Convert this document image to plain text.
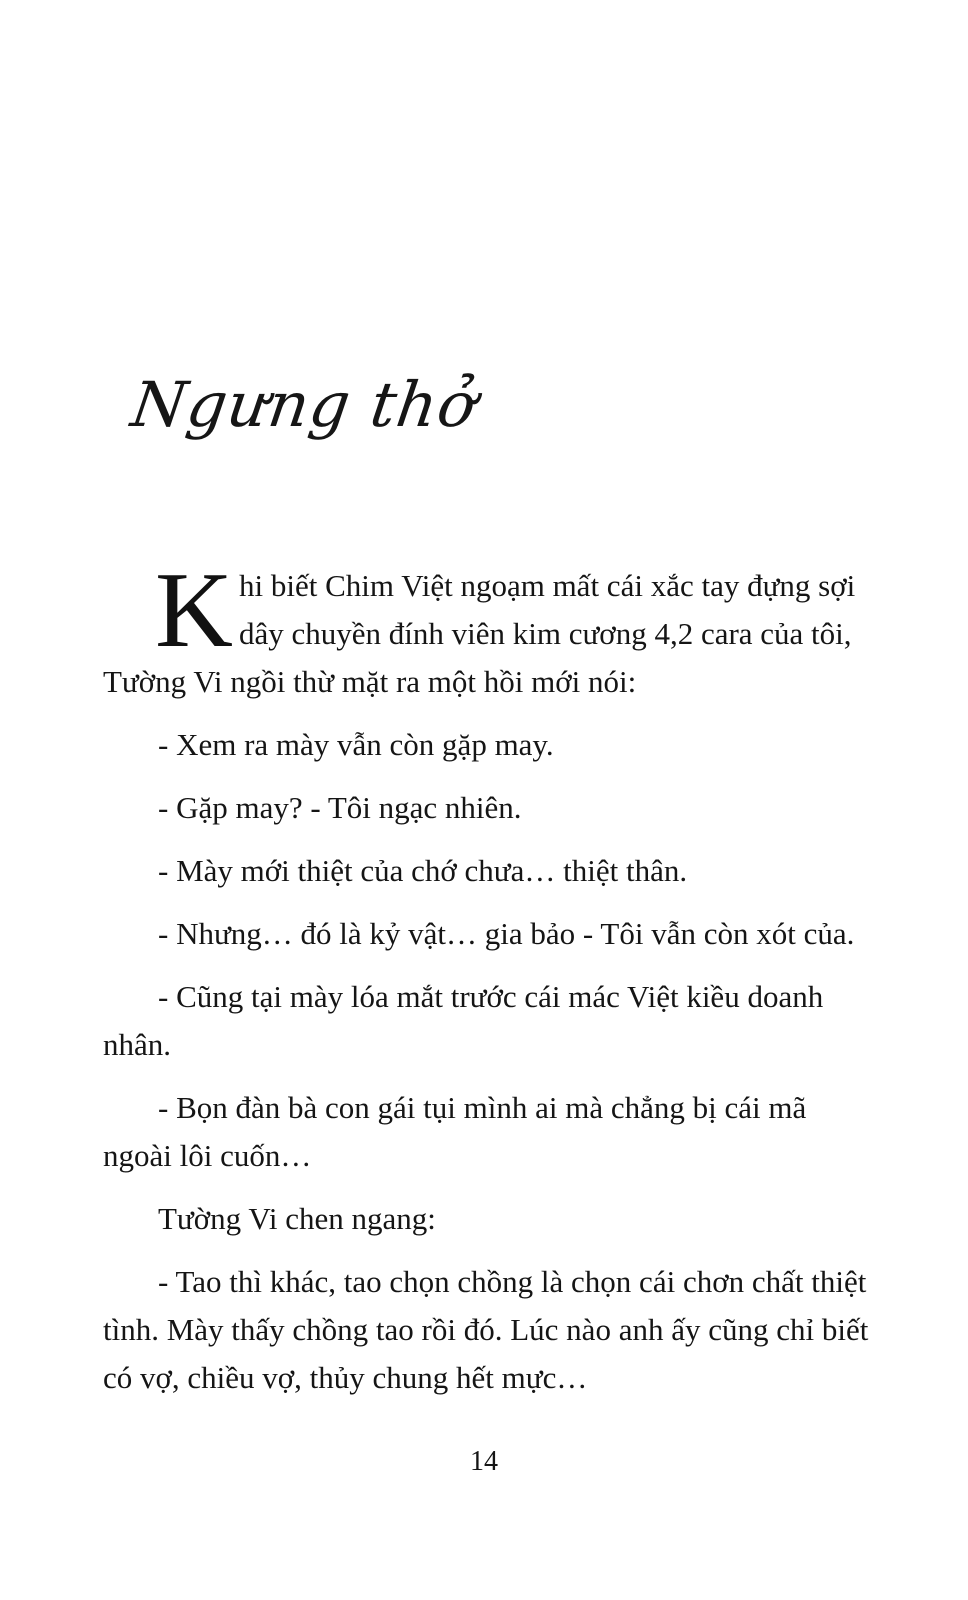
Ngưng thở

K hi biết Chim Việt ngoạm mất cái xắc tay đựng sợi
dây chuyền đính viên kim cương 4,2 cara của tôi,
Tường Vi ngồi thừ mặt ra một hồi mới nói:

- Xem ra mày vẫn còn gặp may.

- Gặp may? - Tôi ngạc nhiên.

- Mày mới thiệt của chớ chưa… thiệt thân.

- Nhưng… đó là kỷ vật… gia bảo - Tôi vẫn còn xót của.

- Cũng tại mày lóa mắt trước cái mác Việt kiều doanh nhân.

- Bọn đàn bà con gái tụi mình ai mà chẳng bị cái mã ngoài lôi cuốn…

Tường Vi chen ngang:

- Tao thì khác, tao chọn chồng là chọn cái chơn chất thiệt tình. Mày thấy chồng tao rồi đó. Lúc nào anh ấy cũng chỉ biết có vợ, chiều vợ, thủy chung hết mực…

14
